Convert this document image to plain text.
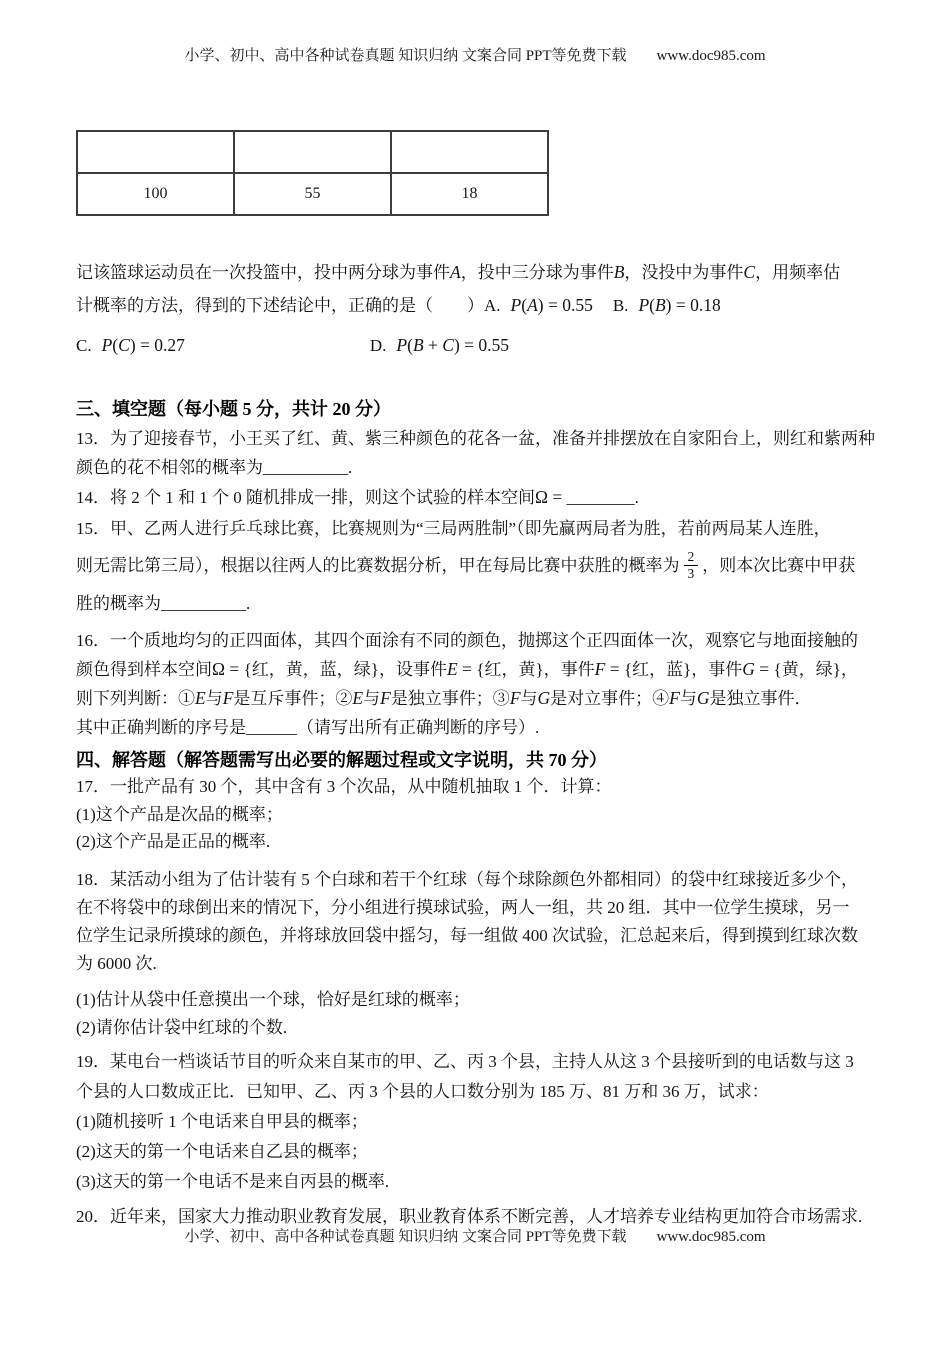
小学、初中、高中各种试卷真题 知识归纳 文案合同 PPT等免费下载 www.doc985.com

100	55	18
记该篮球运动员在一次投篮中，投中两分球为事件A，投中三分球为事件B，没投中为事件C，用频率估
计概率的方法，得到的下述结论中，正确的是（　　）A. P(A) = 0.55 B. P(B) = 0.18
C. P(C) = 0.27	D. P(B + C) = 0.55
三、填空题（每小题 5 分，共计 20 分）
13．为了迎接春节，小王买了红、黄、紫三种颜色的花各一盆，准备并排摆放在自家阳台上，则红和紫两种
颜色的花不相邻的概率为__________.
14．将 2 个 1 和 1 个 0 随机排成一排，则这个试验的样本空间Ω = ________.
15．甲、乙两人进行乒乓球比赛，比赛规则为“三局两胜制”（即先赢两局者为胜，若前两局某人连胜，
则无需比第三局），根据以往两人的比赛数据分析，甲在每局比赛中获胜的概率为 $\frac{2}{3}$ ，则本次比赛中甲获
胜的概率为__________.
16．一个质地均匀的正四面体，其四个面涂有不同的颜色，抛掷这个正四面体一次，观察它与地面接触的
颜色得到样本空间Ω = {红，黄，蓝，绿}，设事件E = {红，黄}，事件F = {红，蓝}，事件G = {黄，绿}，
则下列判断：①E与F是互斥事件；②E与F是独立事件；③F与G是对立事件；④F与G是独立事件．
其中正确判断的序号是______（请写出所有正确判断的序号）.
四、解答题（解答题需写出必要的解题过程或文字说明，共 70 分）
17．一批产品有 30 个，其中含有 3 个次品，从中随机抽取 1 个．计算：
(1)这个产品是次品的概率；
(2)这个产品是正品的概率.
18．某活动小组为了估计装有 5 个白球和若干个红球（每个球除颜色外都相同）的袋中红球接近多少个，
在不将袋中的球倒出来的情况下，分小组进行摸球试验，两人一组，共 20 组．其中一位学生摸球，另一
位学生记录所摸球的颜色，并将球放回袋中摇匀，每一组做 400 次试验，汇总起来后，得到摸到红球次数
为 6000 次.
(1)估计从袋中任意摸出一个球，恰好是红球的概率；
(2)请你估计袋中红球的个数.
19．某电台一档谈话节目的听众来自某市的甲、乙、丙 3 个县，主持人从这 3 个县接听到的电话数与这 3
个县的人口数成正比．已知甲、乙、丙 3 个县的人口数分别为 185 万、81 万和 36 万，试求：
(1)随机接听 1 个电话来自甲县的概率；
(2)这天的第一个电话来自乙县的概率；
(3)这天的第一个电话不是来自丙县的概率.
20．近年来，国家大力推动职业教育发展，职业教育体系不断完善，人才培养专业结构更加符合市场需求.
小学、初中、高中各种试卷真题 知识归纳 文案合同 PPT等免费下载 www.doc985.com
